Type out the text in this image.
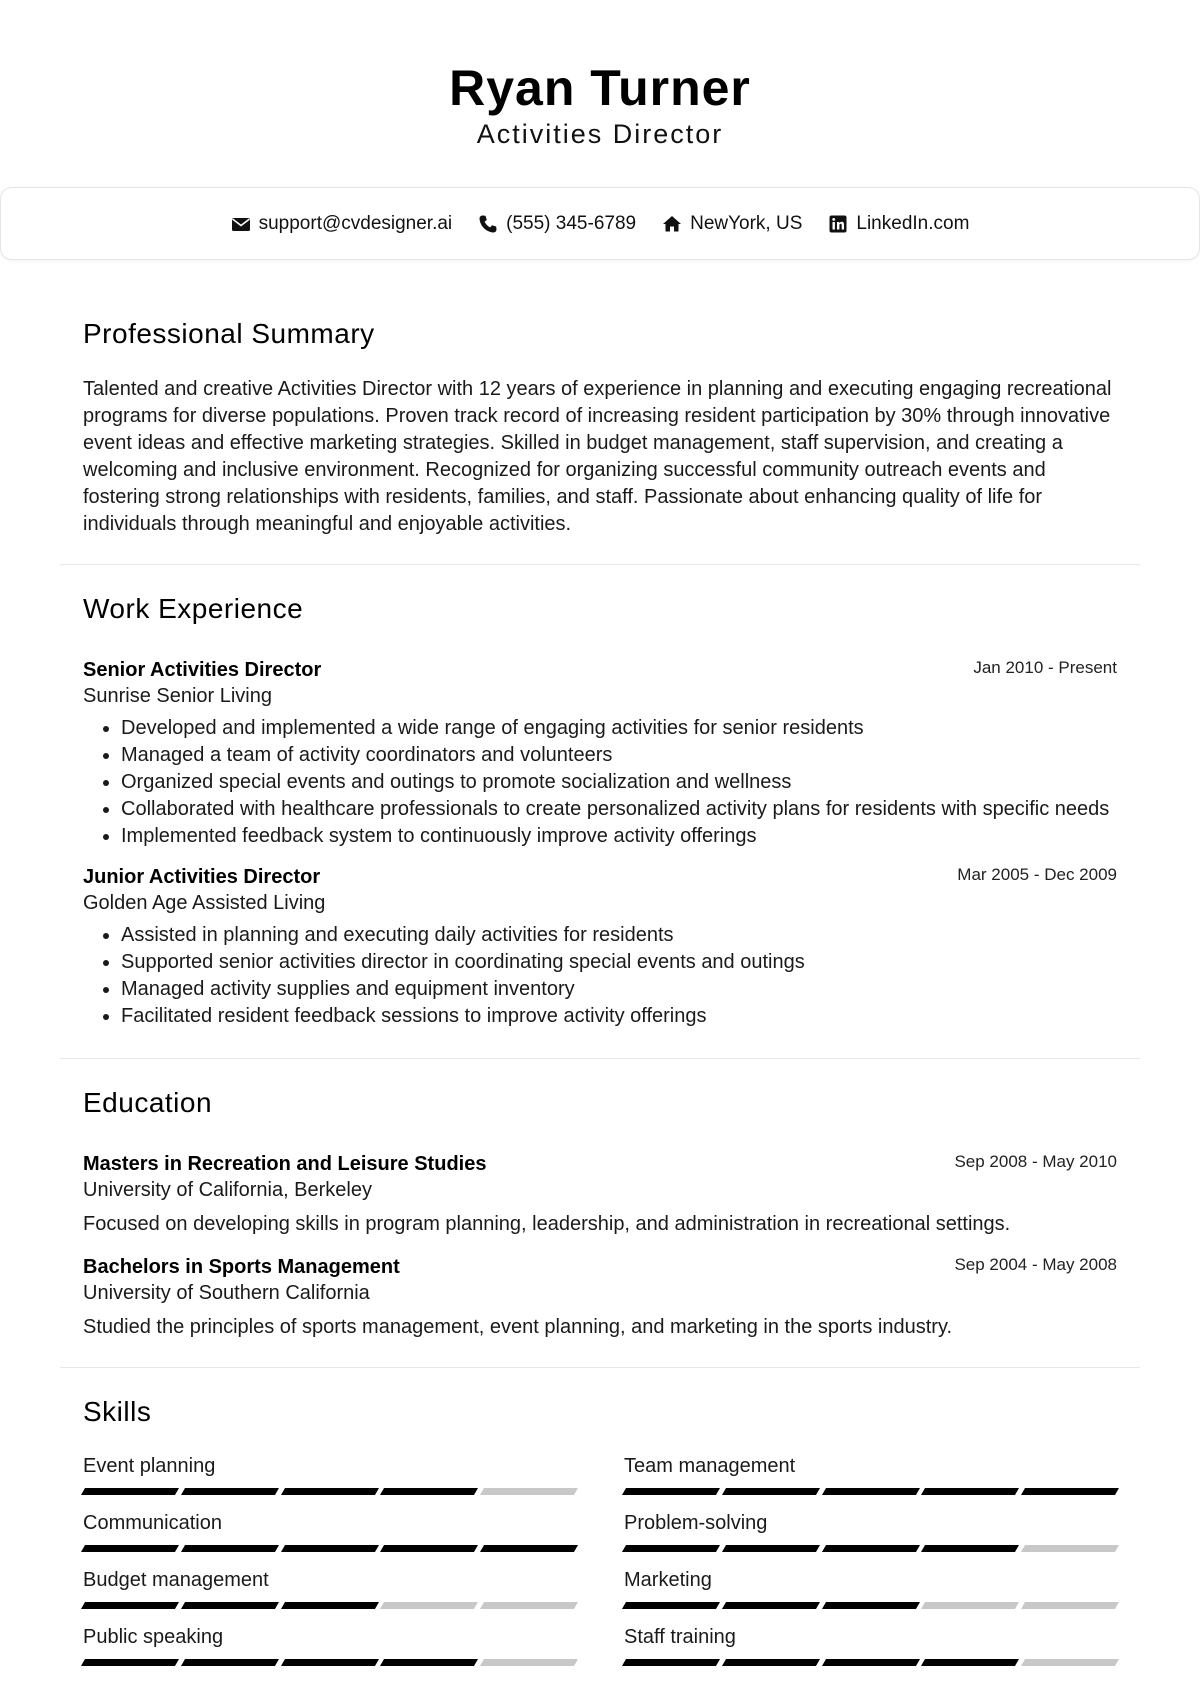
Ryan Turner
Activities Director
support@cvdesigner.ai	(555) 345-6789	NewYork, US	LinkedIn.com
Professional Summary

Talented and creative Activities Director with 12 years of experience in planning and executing engaging recreational programs for diverse populations. Proven track record of increasing resident participation by 30% through innovative event ideas and effective marketing strategies. Skilled in budget management, staff supervision, and creating a welcoming and inclusive environment. Recognized for organizing successful community outreach events and fostering strong relationships with residents, families, and staff. Passionate about enhancing quality of life for individuals through meaningful and enjoyable activities.

Work Experience
Senior Activities Director	Jan 2010 - Present
Sunrise Senior Living
• Developed and implemented a wide range of engaging activities for senior residents
• Managed a team of activity coordinators and volunteers
• Organized special events and outings to promote socialization and wellness
• Collaborated with healthcare professionals to create personalized activity plans for residents with specific needs
• Implemented feedback system to continuously improve activity offerings
Junior Activities Director	Mar 2005 - Dec 2009
Golden Age Assisted Living
• Assisted in planning and executing daily activities for residents
• Supported senior activities director in coordinating special events and outings
• Managed activity supplies and equipment inventory
• Facilitated resident feedback sessions to improve activity offerings
Education
Masters in Recreation and Leisure Studies	Sep 2008 - May 2010
University of California, Berkeley
Focused on developing skills in program planning, leadership, and administration in recreational settings.
Bachelors in Sports Management	Sep 2004 - May 2008
University of Southern California
Studied the principles of sports management, event planning, and marketing in the sports industry.
Skills
Event planning	Team management
Communication	Problem-solving
Budget management	Marketing
Public speaking	Staff training
